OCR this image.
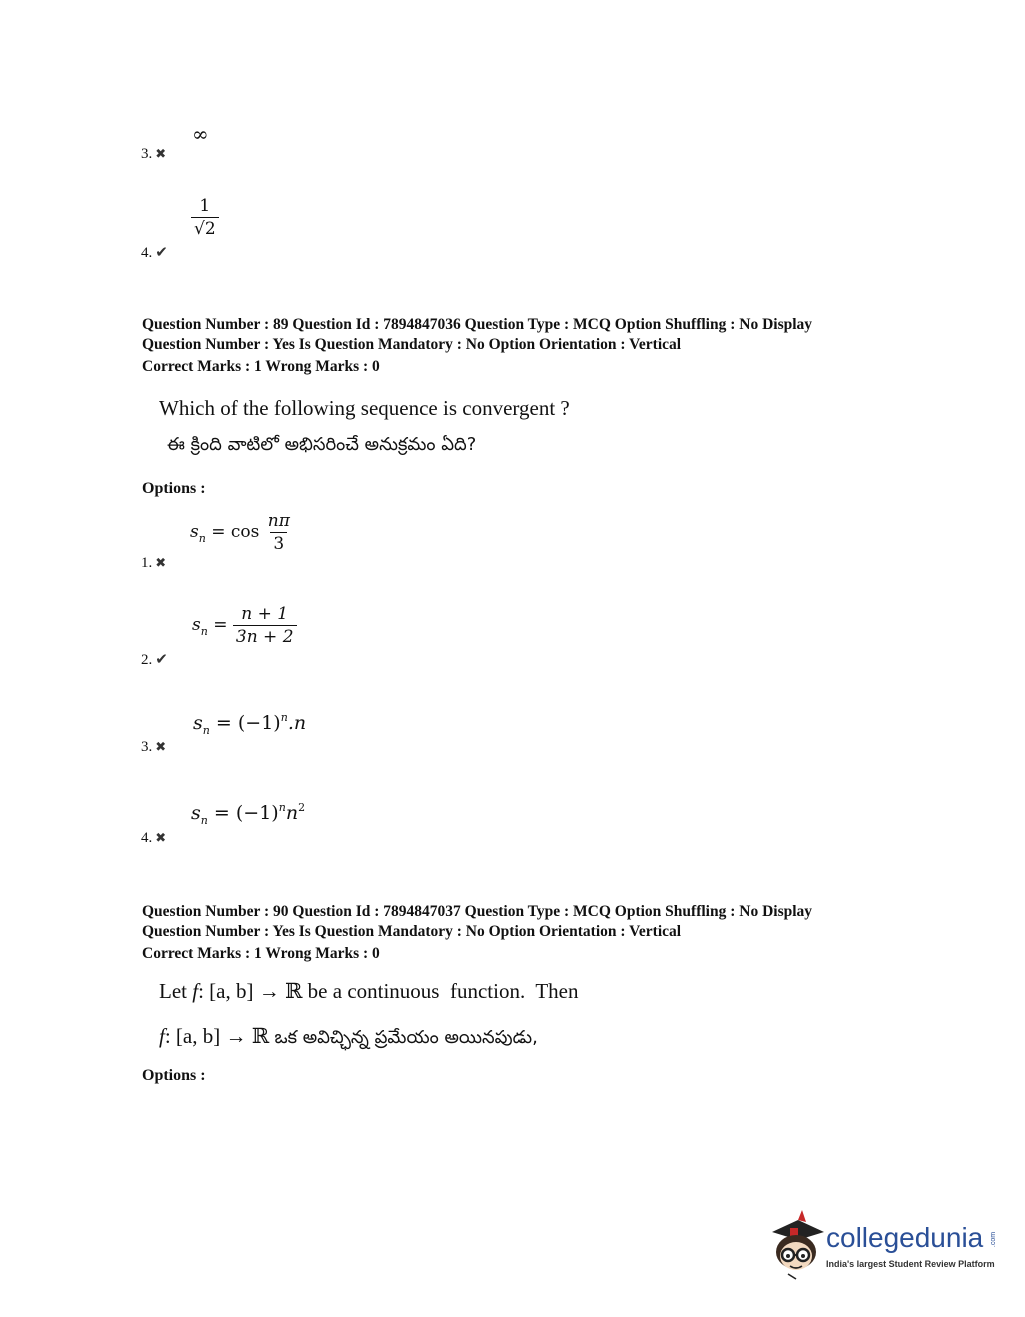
∞
3. ✖
$\frac{1}{√2}$
4. ✔
Question Number : 89 Question Id : 7894847036 Question Type : MCQ Option Shuffling : No Display
Question Number : Yes Is Question Mandatory : No Option Orientation : Vertical
Correct Marks : 1 Wrong Marks : 0
Which of the following sequence is convergent ?
ఈ క్రింది వాటిలో అభిసరించే అనుక్రమం ఏది?
Options :
$s_n = \cos \frac{n\pi}{3}$
1. ✖
$s_n = \frac{n + 1}{3n + 2}$
2. ✔
$s_n = (-1)^n.n$
3. ✖
$s_n = (-1)^nn^2$
4. ✖
Question Number : 90 Question Id : 7894847037 Question Type : MCQ Option Shuffling : No Display
Question Number : Yes Is Question Mandatory : No Option Orientation : Vertical
Correct Marks : 1 Wrong Marks : 0
Let f: [a, b] → ℝ be a continuous  function.  Then
f: [a, b] → ℝ ఒక అవిచ్ఛిన్న ప్రమేయం అయినపుడు,
Options :
collegedunia .com
India's largest Student Review Platform
